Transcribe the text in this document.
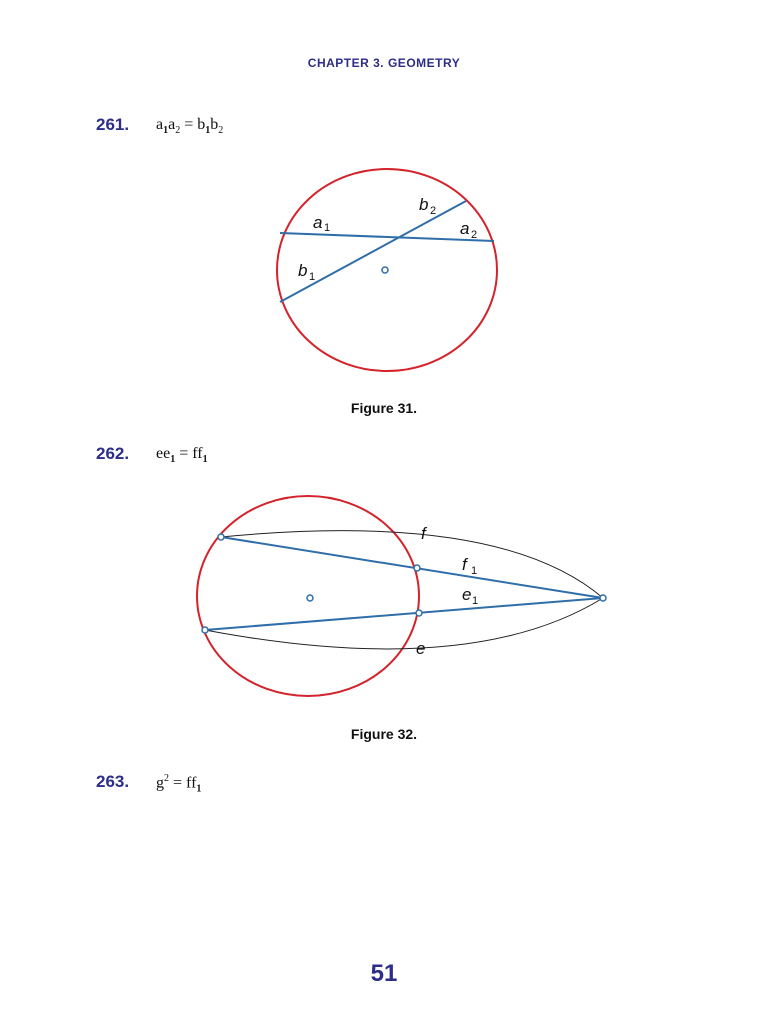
CHAPTER 3. GEOMETRY
261. $a_1a_2 = b_1b_2$
b 2
a 1	a 2
b 1
Figure 31.
262. $ee_1 = ff_1$
f
f 1
e 1
e
Figure 32.
263. $g^2 = ff_1$
51
